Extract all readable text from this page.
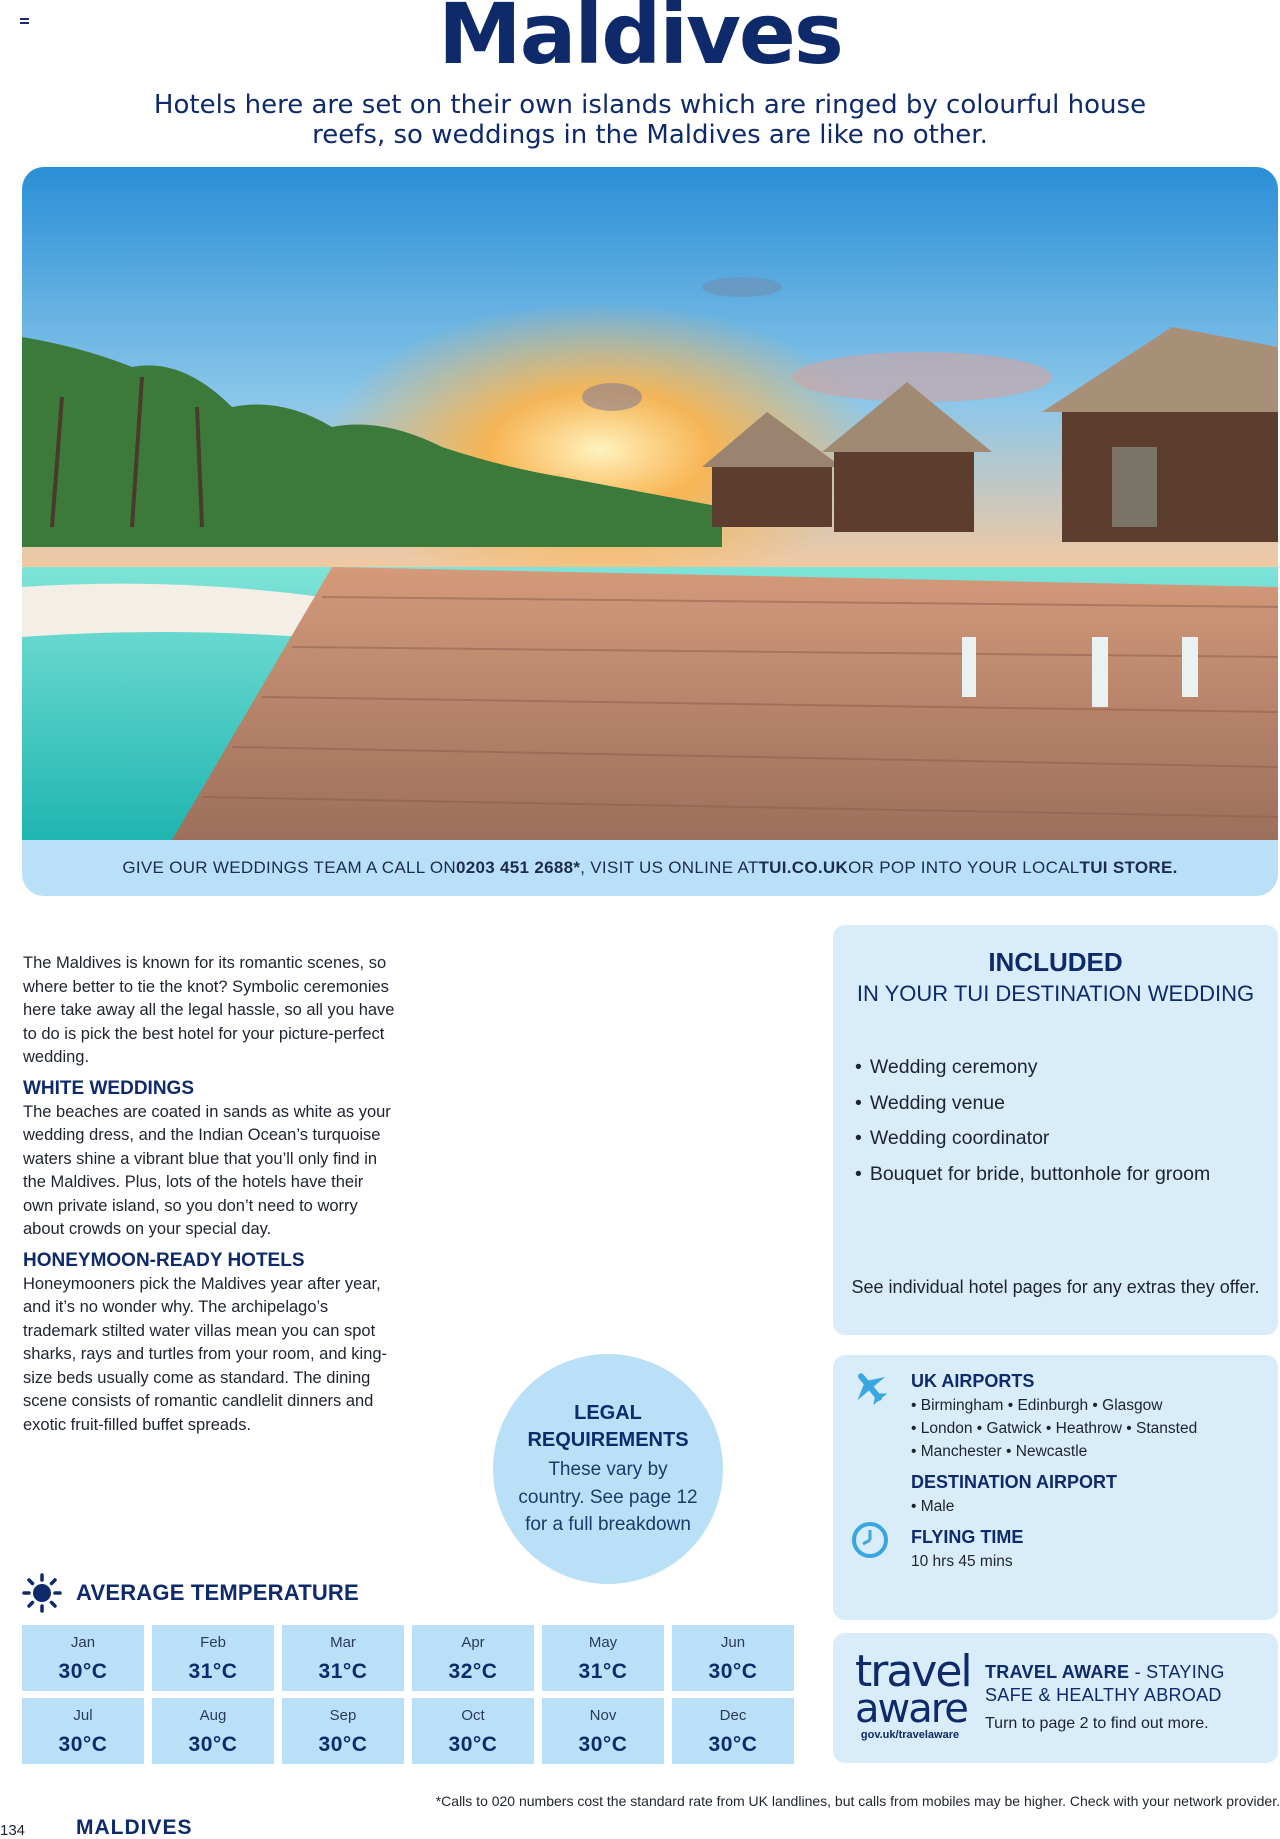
Maldives

Hotels here are set on their own islands which are ringed by colourful house reefs, so weddings in the Maldives are like no other.

GIVE OUR WEDDINGS TEAM A CALL ON 0203 451 2688* , VISIT US ONLINE AT TUI.CO.UK OR POP INTO YOUR LOCAL TUI STORE.

The Maldives is known for its romantic scenes, so where better to tie the knot? Symbolic ceremonies here take away all the legal hassle, so all you have to do is pick the best hotel for your picture-perfect wedding.

WHITE WEDDINGS

The beaches are coated in sands as white as your wedding dress, and the Indian Ocean’s turquoise waters shine a vibrant blue that you’ll only find in the Maldives. Plus, lots of the hotels have their own private island, so you don’t need to worry about crowds on your special day.

HONEYMOON-READY HOTELS

Honeymooners pick the Maldives year after year, and it’s no wonder why. The archipelago’s trademark stilted water villas mean you can spot sharks, rays and turtles from your room, and king-size beds usually come as standard. The dining scene consists of romantic candlelit dinners and exotic fruit-filled buffet spreads.

INCLUDED
IN YOUR TUI DESTINATION WEDDING
• Wedding ceremony
• Wedding venue
• Wedding coordinator
• Bouquet for bride, buttonhole for groom
See individual hotel pages for any extras they offer.
UK AIRPORTS

• Birmingham • Edinburgh • Glasgow

• London • Gatwick • Heathrow • Stansted

• Manchester • Newcastle

DESTINATION AIRPORT

• Male

FLYING TIME

10 hrs 45 mins

LEGAL REQUIREMENTS
These vary by country. See page 12 for a full breakdown
AVERAGE TEMPERATURE
Jan
30°C
Feb
31°C
Mar
31°C
Apr
32°C
May
31°C
Jun
30°C
Jul
30°C
Aug
30°C
Sep
30°C
Oct
30°C
Nov
30°C
Dec
30°C
travel
aware
gov.uk/travelaware
TRAVEL AWARE - STAYING
SAFE & HEALTHY ABROAD
Turn to page 2 to find out more.
*Calls to 020 numbers cost the standard rate from UK landlines, but calls from mobiles may be higher. Check with your network provider.
134 MALDIVES
